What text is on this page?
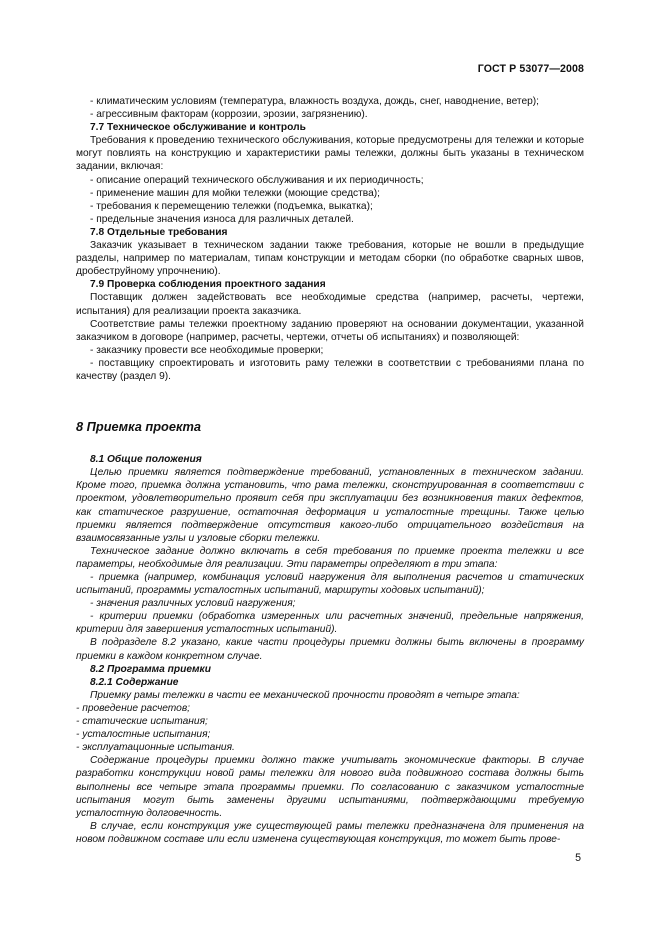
ГОСТ Р 53077—2008

- климатическим условиям (температура, влажность воздуха, дождь, снег, наводнение, ветер);

- агрессивным факторам (коррозии, эрозии, загрязнению).

7.7 Техническое обслуживание и контроль

Требования к проведению технического обслуживания, которые предусмотрены для тележки и которые могут повлиять на конструкцию и характеристики рамы тележки, должны быть указаны в техническом задании, включая:

- описание операций технического обслуживания и их периодичность;

- применение машин для мойки тележки (моющие средства);

- требования к перемещению тележки (подъемка, выкатка);

- предельные значения износа для различных деталей.

7.8 Отдельные требования

Заказчик указывает в техническом задании также требования, которые не вошли в предыдущие разделы, например по материалам, типам конструкции и методам сборки (по обработке сварных швов, дробеструйному упрочнению).

7.9 Проверка соблюдения проектного задания

Поставщик должен задействовать все необходимые средства (например, расчеты, чертежи, испытания) для реализации проекта заказчика.

Соответствие рамы тележки проектному заданию проверяют на основании документации, указанной заказчиком в договоре (например, расчеты, чертежи, отчеты об испытаниях) и позволяющей:

- заказчику провести все необходимые проверки;

- поставщику спроектировать и изготовить раму тележки в соответствии с требованиями плана по качеству (раздел 9).

8 Приемка проекта

8.1 Общие положения

Целью приемки является подтверждение требований, установленных в техническом задании. Кроме того, приемка должна установить, что рама тележки, сконструированная в соответствии с проектом, удовлетворительно проявит себя при эксплуатации без возникновения таких дефектов, как статическое разрушение, остаточная деформация и усталостные трещины. Также целью приемки является подтверждение отсутствия какого-либо отрицательного воздействия на взаимосвязанные узлы и узловые сборки тележки.

Техническое задание должно включать в себя требования по приемке проекта тележки и все параметры, необходимые для реализации. Эти параметры определяют в три этапа:

- приемка (например, комбинация условий нагружения для выполнения расчетов и статических испытаний, программы усталостных испытаний, маршруты ходовых испытаний);

- значения различных условий нагружения;

- критерии приемки (обработка измеренных или расчетных значений, предельные напряжения, критерии для завершения усталостных испытаний).

В подразделе 8.2 указано, какие части процедуры приемки должны быть включены в программу приемки в каждом конкретном случае.

8.2 Программа приемки

8.2.1 Содержание

Приемку рамы тележки в части ее механической прочности проводят в четыре этапа:

- проведение расчетов;

- статические испытания;

- усталостные испытания;

- эксплуатационные испытания.

Содержание процедуры приемки должно также учитывать экономические факторы. В случае разработки конструкции новой рамы тележки для нового вида подвижного состава должны быть выполнены все четыре этапа программы приемки. По согласованию с заказчиком усталостные испытания могут быть заменены другими испытаниями, подтверждающими требуемую усталостную долговечность.

В случае, если конструкция уже существующей рамы тележки предназначена для применения на новом подвижном составе или если изменена существующая конструкция, то может быть прове-

5
